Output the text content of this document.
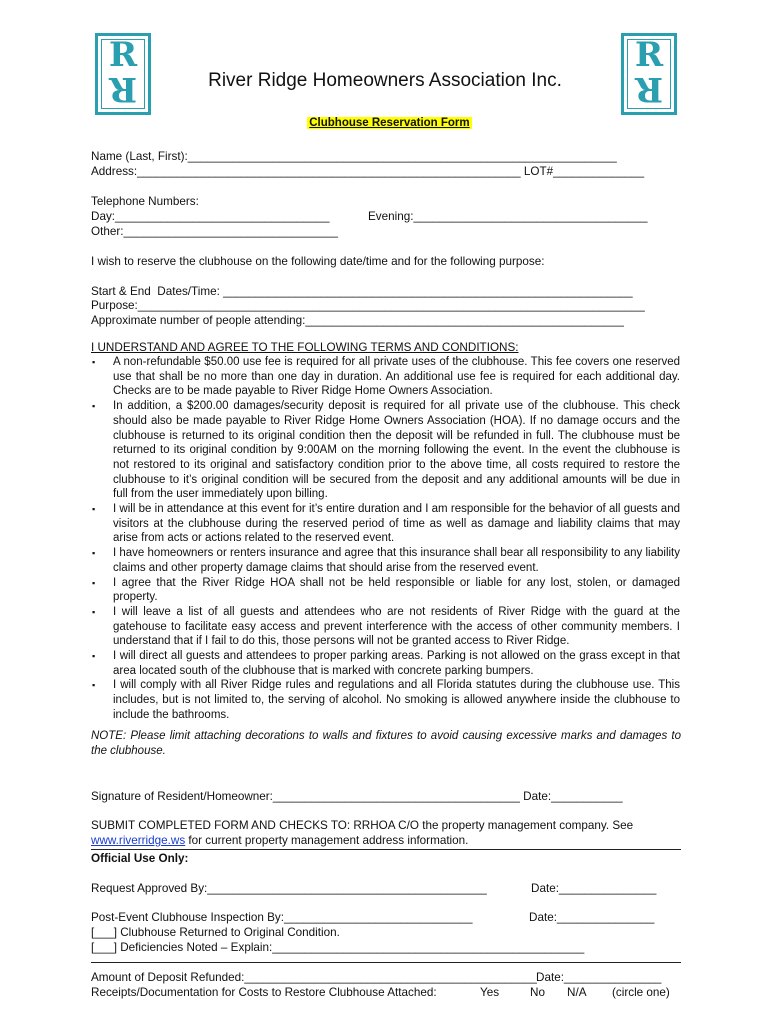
R
R
R
R
River Ridge Homeowners Association Inc.

Clubhouse Reservation Form

Name (Last, First):__________________________________________________________________
Address:___________________________________________________________ LOT#______________
Telephone Numbers:
Day:_________________________________	Evening:____________________________________
Other:_________________________________
I wish to reserve the clubhouse on the following date/time and for the following purpose:
Start & End  Dates/Time: _______________________________________________________________
Purpose:______________________________________________________________________________
Approximate number of people attending:_________________________________________________
I UNDERSTAND AND AGREE TO THE FOLLOWING TERMS AND CONDITIONS:
▪ A non-refundable $50.00 use fee is required for all private uses of the clubhouse. This fee covers one reserved use that shall be no more than one day in duration. An additional use fee is required for each additional day. Checks are to be made payable to River Ridge Home Owners Association.
▪ In addition, a $200.00 damages/security deposit is required for all private use of the clubhouse. This check should also be made payable to River Ridge Home Owners Association (HOA). If no damage occurs and the clubhouse is returned to its original condition then the deposit will be refunded in full. The clubhouse must be returned to its original condition by 9:00AM on the morning following the event. In the event the clubhouse is not restored to its original and satisfactory condition prior to the above time, all costs required to restore the clubhouse to it’s original condition will be secured from the deposit and any additional amounts will be due in full from the user immediately upon billing.
▪ I will be in attendance at this event for it’s entire duration and I am responsible for the behavior of all guests and visitors at the clubhouse during the reserved period of time as well as damage and liability claims that may arise from acts or actions related to the reserved event.
▪ I have homeowners or renters insurance and agree that this insurance shall bear all responsibility to any liability claims and other property damage claims that should arise from the reserved event.
▪ I agree that the River Ridge HOA shall not be held responsible or liable for any lost, stolen, or damaged property.
▪ I will leave a list of all guests and attendees who are not residents of River Ridge with the guard at the gatehouse to facilitate easy access and prevent interference with the access of other community members. I understand that if I fail to do this, those persons will not be granted access to River Ridge.
▪ I will direct all guests and attendees to proper parking areas. Parking is not allowed on the grass except in that area located south of the clubhouse that is marked with concrete parking bumpers.
▪ I will comply with all River Ridge rules and regulations and all Florida statutes during the clubhouse use. This includes, but is not limited to, the serving of alcohol. No smoking is allowed anywhere inside the clubhouse to include the bathrooms.
NOTE: Please limit attaching decorations to walls and fixtures to avoid causing excessive marks and damages to the clubhouse.
Signature of Resident/Homeowner:______________________________________ Date:___________
SUBMIT COMPLETED FORM AND CHECKS TO: RRHOA C/O the property management company. See
www.riverridge.ws for current property management address information.
Official Use Only:
Request Approved By:___________________________________________	Date:_______________
Post-Event Clubhouse Inspection By:_____________________________	Date:_______________
[___] Clubhouse Returned to Original Condition.
[___] Deficiencies Noted – Explain:________________________________________________
Amount of Deposit Refunded:_____________________________________________ Date:_______________
Receipts/Documentation for Costs to Restore Clubhouse Attached:	Yes	No N/A (circle one)
